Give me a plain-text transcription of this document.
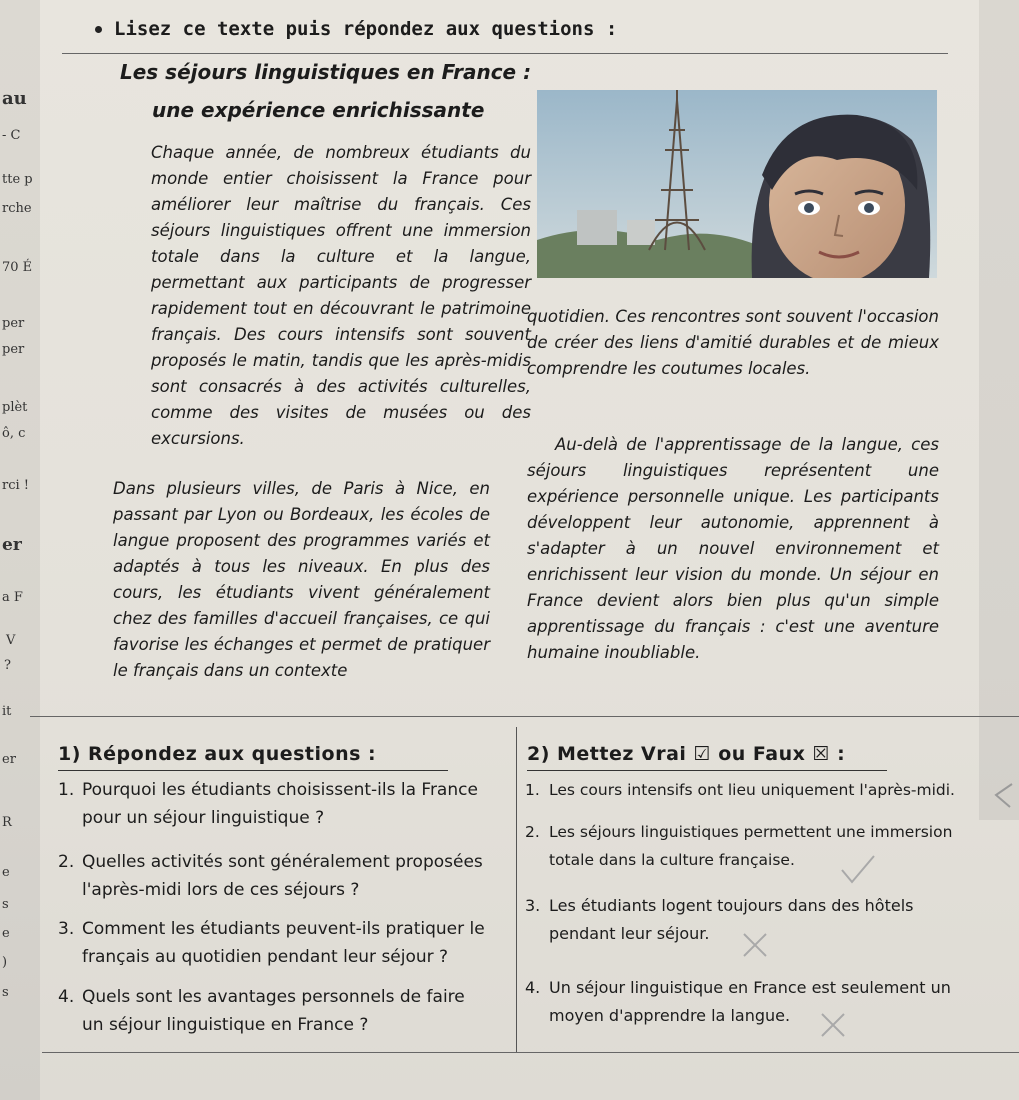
au
- C
tte p
rche
70 É
per
per
plèt
ô, c
rci !
er
a F
V
?
it
er
R
e
s
e
)
s
Lisez ce texte puis répondez aux questions :
Les séjours linguistiques en France :
une expérience enrichissante
Chaque année, de nombreux étudiants du monde entier choisissent la France pour améliorer leur maîtrise du français. Ces séjours linguistiques offrent une immersion totale dans la culture et la langue, permettant aux participants de progresser rapidement tout en découvrant le patrimoine français. Des cours intensifs sont souvent proposés le matin, tandis que les après-midis sont consacrés à des activités culturelles, comme des visites de musées ou des excursions.
Dans plusieurs villes, de Paris à Nice, en passant par Lyon ou Bordeaux, les écoles de langue proposent des programmes variés et adaptés à tous les niveaux. En plus des cours, les étudiants vivent généralement chez des familles d'accueil françaises, ce qui favorise les échanges et permet de pratiquer le français dans un contexte
quotidien. Ces rencontres sont souvent l'occasion de créer des liens d'amitié durables et de mieux comprendre les coutumes locales.
Au-delà de l'apprentissage de la langue, ces séjours linguistiques représentent une expérience personnelle unique. Les participants développent leur autonomie, apprennent à s'adapter à un nouvel environnement et enrichissent leur vision du monde. Un séjour en France devient alors bien plus qu'un simple apprentissage du français : c'est une aventure humaine inoubliable.
1) Répondez aux questions :
1. Pourquoi les étudiants choisissent-ils la France
pour un séjour linguistique ?
2. Quelles activités sont généralement proposées
l'après-midi lors de ces séjours ?
3. Comment les étudiants peuvent-ils pratiquer le
français au quotidien pendant leur séjour ?
4. Quels sont les avantages personnels de faire
un séjour linguistique en France ?
2) Mettez Vrai ☑ ou Faux ☒ :
1. Les cours intensifs ont lieu uniquement l'après-midi.
2. Les séjours linguistiques permettent une immersion
totale dans la culture française.
3. Les étudiants logent toujours dans des hôtels
pendant leur séjour.
4. Un séjour linguistique en France est seulement un
moyen d'apprendre la langue.
